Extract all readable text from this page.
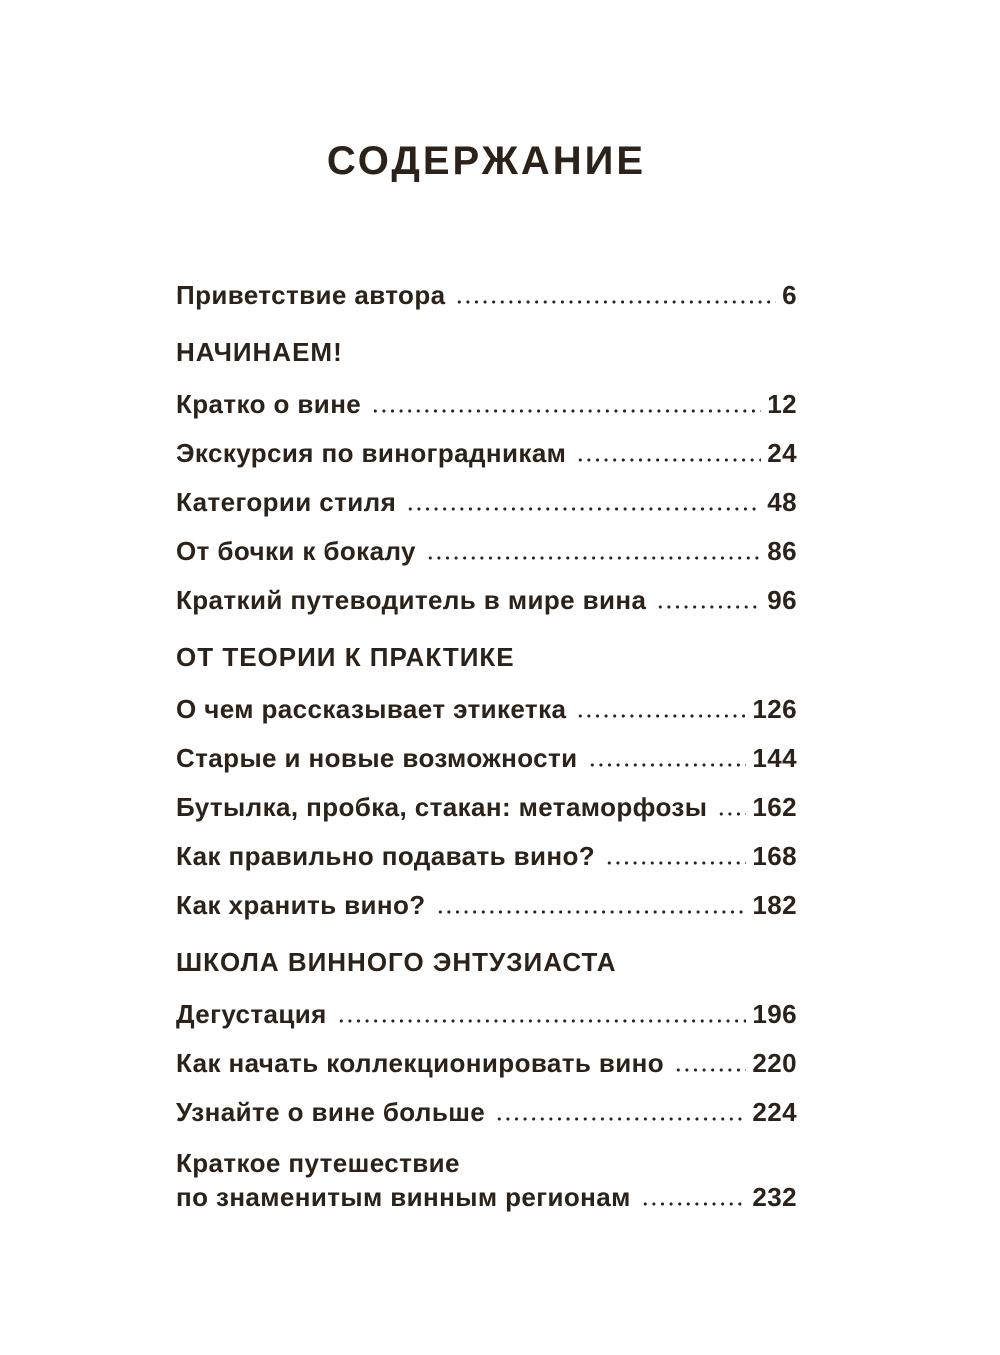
СОДЕРЖАНИЕ
Приветствие автора	6
НАЧИНАЕМ!
Кратко о вине	12
Экскурсия по виноградникам	24
Категории стиля	48
От бочки к бокалу	86
Краткий путеводитель в мире вина	96
ОТ ТЕОРИИ К ПРАКТИКЕ
О чем рассказывает этикетка	126
Старые и новые возможности	144
Бутылка, пробка, стакан: метаморфозы 162
Как правильно подавать вино?	168
Как хранить вино?	182
ШКОЛА ВИННОГО ЭНТУЗИАСТА
Дегустация	196
Как начать коллекционировать вино	220
Узнайте о вине больше	224
Краткое путешествие
по знаменитым винным регионам	232
